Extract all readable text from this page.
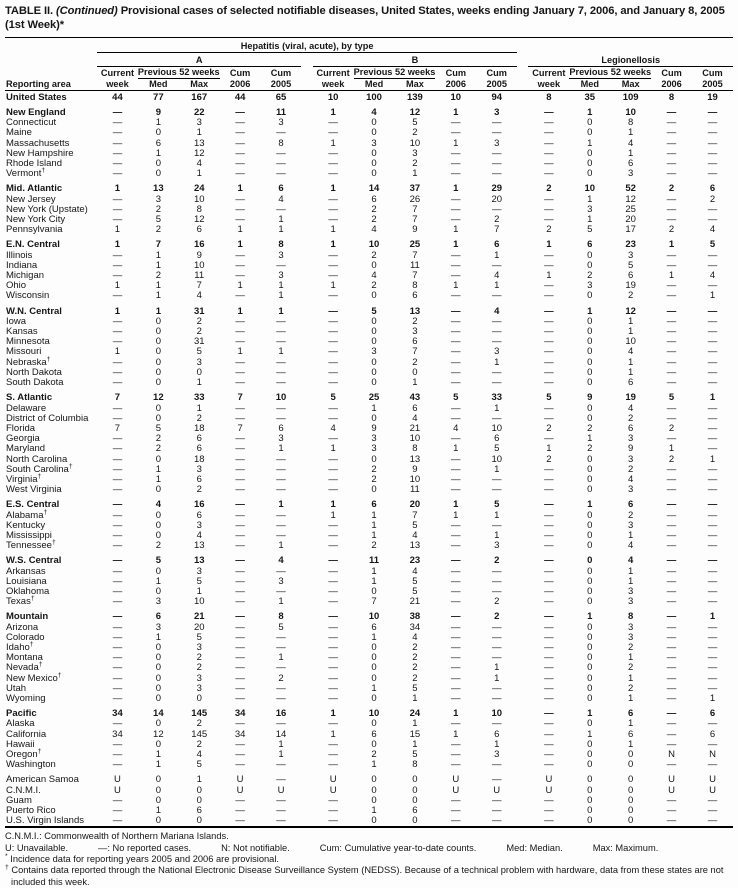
TABLE II. (Continued) Provisional cases of selected notifiable diseases, United States, weeks ending January 7, 2006, and January 8, 2005 (1st Week)*
	Hepatitis (viral, acute), by type																
	A						B						Legionellosis				
	Current	Previous 52 weeks		Cum	Cum		Current	Previous 52 weeks		Cum	Cum		Current	Previous 52 weeks		Cum	Cum
Reporting area	week	Med	Max	2006	2005		week	Med	Max	2006	2005		week	Med	Max	2006	2005
United States	44	77	167	44	65		10	100	139	10	94		8	35	109	8	19
New England	—	9	22	—	11		1	4	12	1	3		—	1	10	—	—
Connecticut	—	1	3	—	3		—	0	5	—	—		—	0	8	—	—
Maine	—	0	1	—	—		—	0	2	—	—		—	0	1	—	—
Massachusetts	—	6	13	—	8		1	3	10	1	3		—	1	4	—	—
New Hampshire	—	1	12	—	—		—	0	3	—	—		—	0	1	—	—
Rhode Island	—	0	4	—	—		—	0	2	—	—		—	0	6	—	—
Vermont†	—	0	1	—	—		—	0	1	—	—		—	0	3	—	—
Mid. Atlantic	1	13	24	1	6		1	14	37	1	29		2	10	52	2	6
New Jersey	—	3	10	—	4		—	6	26	—	20		—	1	12	—	2
New York (Upstate)	—	2	8	—	—		—	2	7	—	—		—	3	25	—	—
New York City	—	5	12	—	1		—	2	7	—	2		—	1	20	—	—
Pennsylvania	1	2	6	1	1		1	4	9	1	7		2	5	17	2	4
E.N. Central	1	7	16	1	8		1	10	25	1	6		1	6	23	1	5
Illinois	—	1	9	—	3		—	2	7	—	1		—	0	3	—	—
Indiana	—	1	10	—	—		—	0	11	—	—		—	0	5	—	—
Michigan	—	2	11	—	3		—	4	7	—	4		1	2	6	1	4
Ohio	1	1	7	1	1		1	2	8	1	1		—	3	19	—	—
Wisconsin	—	1	4	—	1		—	0	6	—	—		—	0	2	—	1
W.N. Central	1	1	31	1	1		—	5	13	—	4		—	1	12	—	—
Iowa	—	0	2	—	—		—	0	2	—	—		—	0	1	—	—
Kansas	—	0	2	—	—		—	0	3	—	—		—	0	1	—	—
Minnesota	—	0	31	—	—		—	0	6	—	—		—	0	10	—	—
Missouri	1	0	5	1	1		—	3	7	—	3		—	0	4	—	—
Nebraska†	—	0	3	—	—		—	0	2	—	1		—	0	1	—	—
North Dakota	—	0	0	—	—		—	0	0	—	—		—	0	1	—	—
South Dakota	—	0	1	—	—		—	0	1	—	—		—	0	6	—	—
S. Atlantic	7	12	33	7	10		5	25	43	5	33		5	9	19	5	1
Delaware	—	0	1	—	—		—	1	6	—	1		—	0	4	—	—
District of Columbia	—	0	2	—	—		—	0	4	—	—		—	0	2	—	—
Florida	7	5	18	7	6		4	9	21	4	10		2	2	6	2	—
Georgia	—	2	6	—	3		—	3	10	—	6		—	1	3	—	—
Maryland	—	2	6	—	1		1	3	8	1	5		1	2	9	1	—
North Carolina	—	0	18	—	—		—	0	13	—	10		2	0	3	2	1
South Carolina†	—	1	3	—	—		—	2	9	—	1		—	0	2	—	—
Virginia†	—	1	6	—	—		—	2	10	—	—		—	0	4	—	—
West Virginia	—	0	2	—	—		—	0	11	—	—		—	0	3	—	—
E.S. Central	—	4	16	—	1		1	6	20	1	5		—	1	6	—	—
Alabama†	—	0	6	—	—		1	1	7	1	1		—	0	2	—	—
Kentucky	—	0	3	—	—		—	1	5	—	—		—	0	3	—	—
Mississippi	—	0	4	—	—		—	1	4	—	1		—	0	1	—	—
Tennessee†	—	2	13	—	1		—	2	13	—	3		—	0	4	—	—
W.S. Central	—	5	13	—	4		—	11	23	—	2		—	0	4	—	—
Arkansas	—	0	3	—	—		—	1	4	—	—		—	0	1	—	—
Louisiana	—	1	5	—	3		—	1	5	—	—		—	0	1	—	—
Oklahoma	—	0	1	—	—		—	0	5	—	—		—	0	3	—	—
Texas†	—	3	10	—	1		—	7	21	—	2		—	0	3	—	—
Mountain	—	6	21	—	8		—	10	38	—	2		—	1	8	—	1
Arizona	—	3	20	—	5		—	6	34	—	—		—	0	3	—	—
Colorado	—	1	5	—	—		—	1	4	—	—		—	0	3	—	—
Idaho†	—	0	3	—	—		—	0	2	—	—		—	0	2	—	—
Montana	—	0	2	—	1		—	0	2	—	—		—	0	1	—	—
Nevada†	—	0	2	—	—		—	0	2	—	1		—	0	2	—	—
New Mexico†	—	0	3	—	2		—	0	2	—	1		—	0	1	—	—
Utah	—	0	3	—	—		—	1	5	—	—		—	0	2	—	—
Wyoming	—	0	0	—	—		—	0	1	—	—		—	0	1	—	1
Pacific	34	14	145	34	16		1	10	24	1	10		—	1	6	—	6
Alaska	—	0	2	—	—		—	0	1	—	—		—	0	1	—	—
California	34	12	145	34	14		1	6	15	1	6		—	1	6	—	6
Hawaii	—	0	2	—	1		—	0	1	—	1		—	0	1	—	—
Oregon†	—	1	4	—	1		—	2	5	—	3		—	0	0	N	N
Washington	—	1	5	—	—		—	1	8	—	—		—	0	0	—	—
American Samoa	U	0	1	U	—		U	0	0	U	—		U	0	0	U	U
C.N.M.I.	U	0	0	U	U		U	0	0	U	U		U	0	0	U	U
Guam	—	0	0	—	—		—	0	0	—	—		—	0	0	—	—
Puerto Rico	—	1	6	—	—		—	1	6	—	—		—	0	0	—	—
U.S. Virgin Islands	—	0	0	—	—		—	0	0	—	—		—	0	0	—	—
C.N.M.I.: Commonwealth of Northern Mariana Islands.
U: Unavailable.	—: No reported cases.	N: Not notifiable.	Cum: Cumulative year-to-date counts.	Med: Median.	Max: Maximum.
* Incidence data for reporting years 2005 and 2006 are provisional.
† Contains data reported through the National Electronic Disease Surveillance System (NEDSS). Because of a technical problem with hardware, data from these states are not included this week.
